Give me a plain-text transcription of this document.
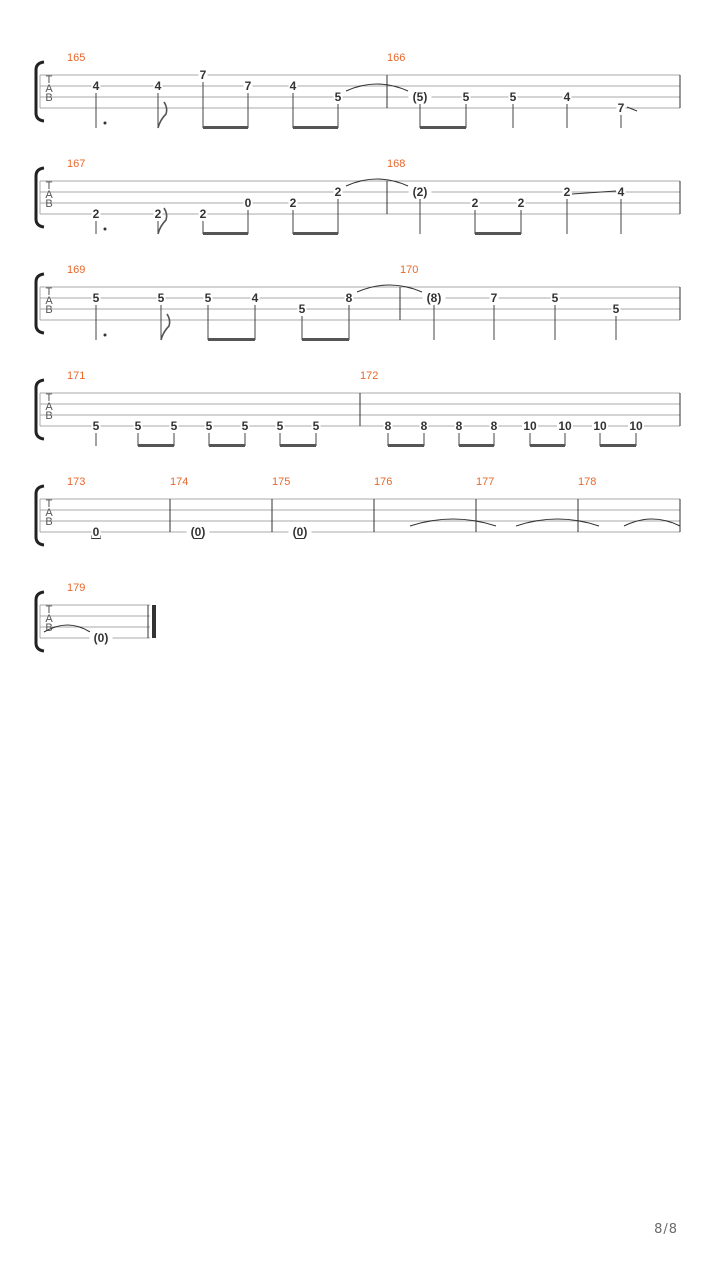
T
A
B
165	166
4	4
7
7	4
5	(5)	5	5	4
7
T
A
B
167	168
2	2	2
0	2
2	(2)
2	2
2	4
T
A
B
169	170
5	5	5	4
5
8	(8)	7	5
5
T
A
B
171	172
5	5 5 5 5 5 5	8 8 8 8 10 10 10 10
T
A
B
173	174	175	176	177	178
0	(0)	(0)
T
A
B
179
(0)
8/8
